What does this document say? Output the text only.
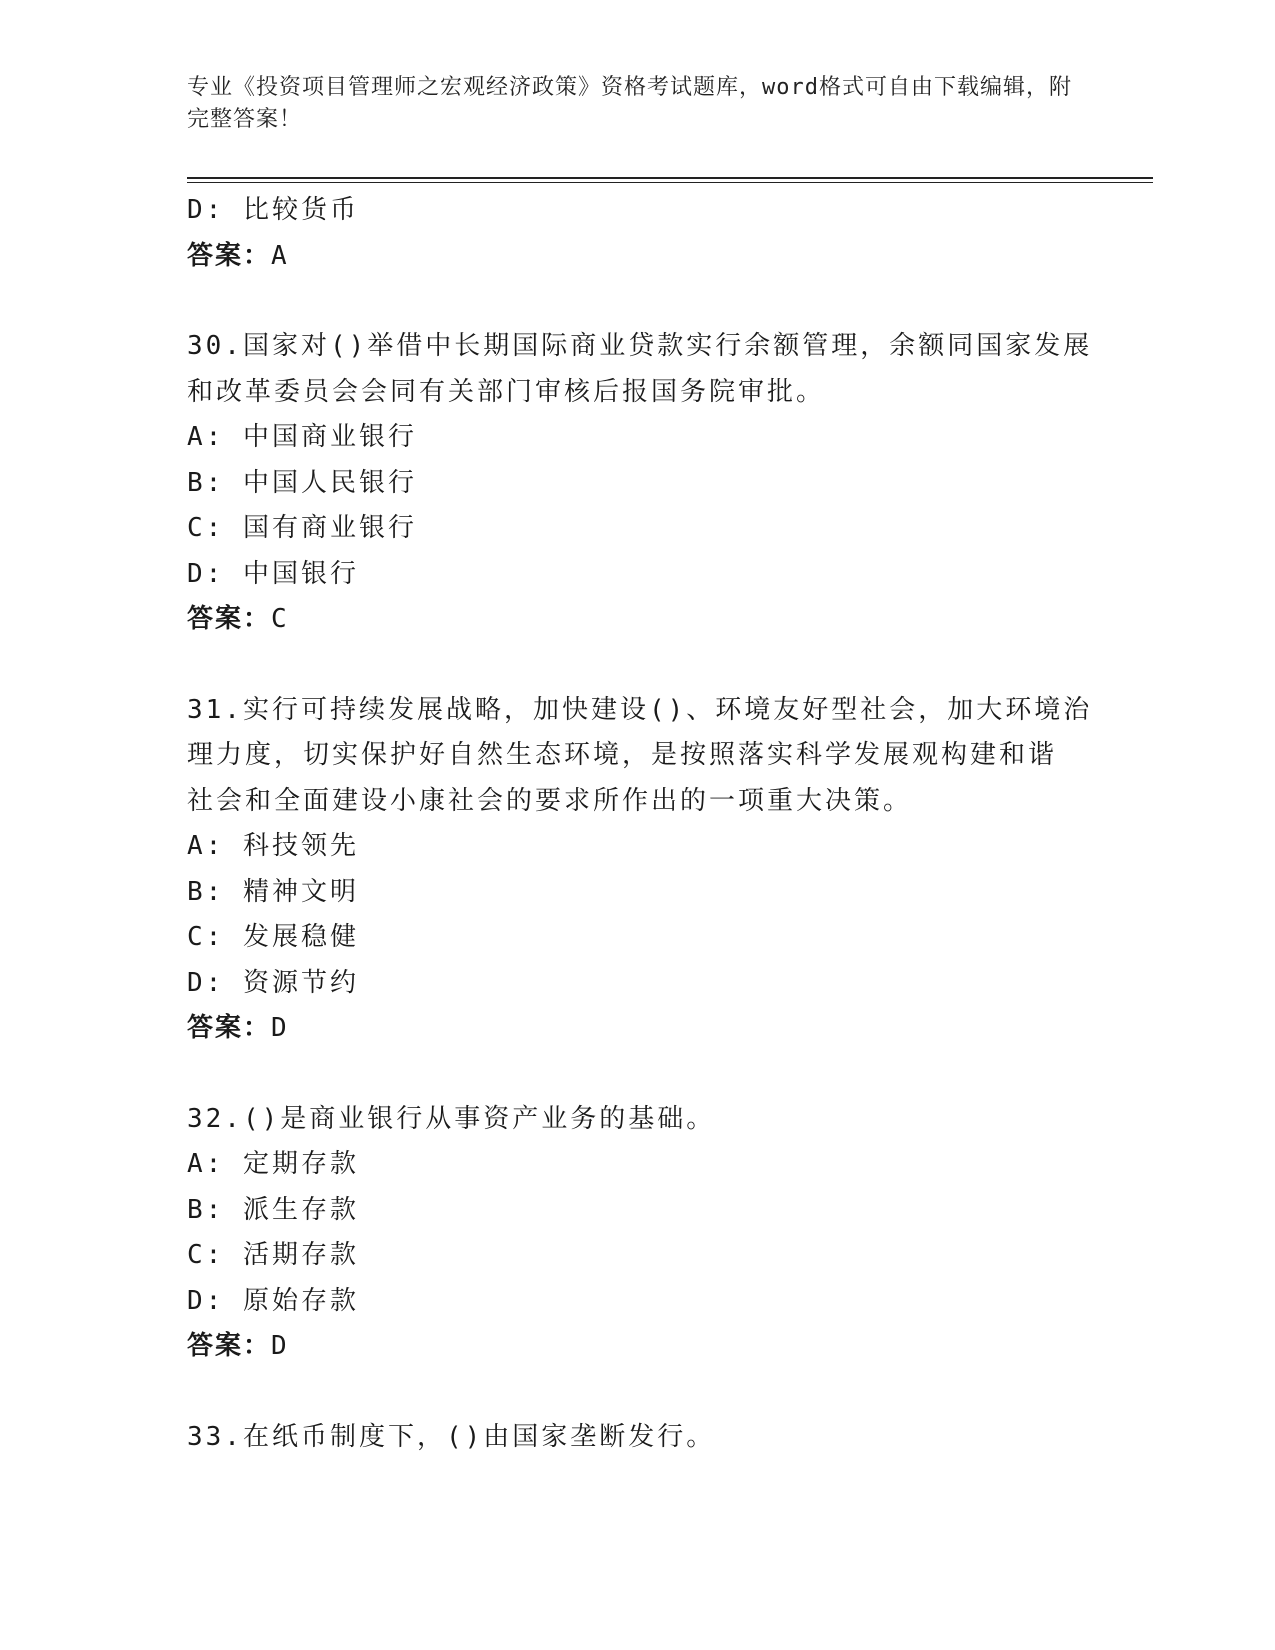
专业《投资项目管理师之宏观经济政策》资格考试题库，word格式可自由下载编辑，附完整答案！
D: 比较货币
答案：A
30.国家对()举借中长期国际商业贷款实行余额管理，余额同国家发展
和改革委员会会同有关部门审核后报国务院审批。
A: 中国商业银行
B: 中国人民银行
C: 国有商业银行
D: 中国银行
答案：C
31.实行可持续发展战略，加快建设()、环境友好型社会，加大环境治
理力度，切实保护好自然生态环境，是按照落实科学发展观构建和谐
社会和全面建设小康社会的要求所作出的一项重大决策。
A: 科技领先
B: 精神文明
C: 发展稳健
D: 资源节约
答案：D
32.()是商业银行从事资产业务的基础。
A: 定期存款
B: 派生存款
C: 活期存款
D: 原始存款
答案：D
33.在纸币制度下，()由国家垄断发行。
